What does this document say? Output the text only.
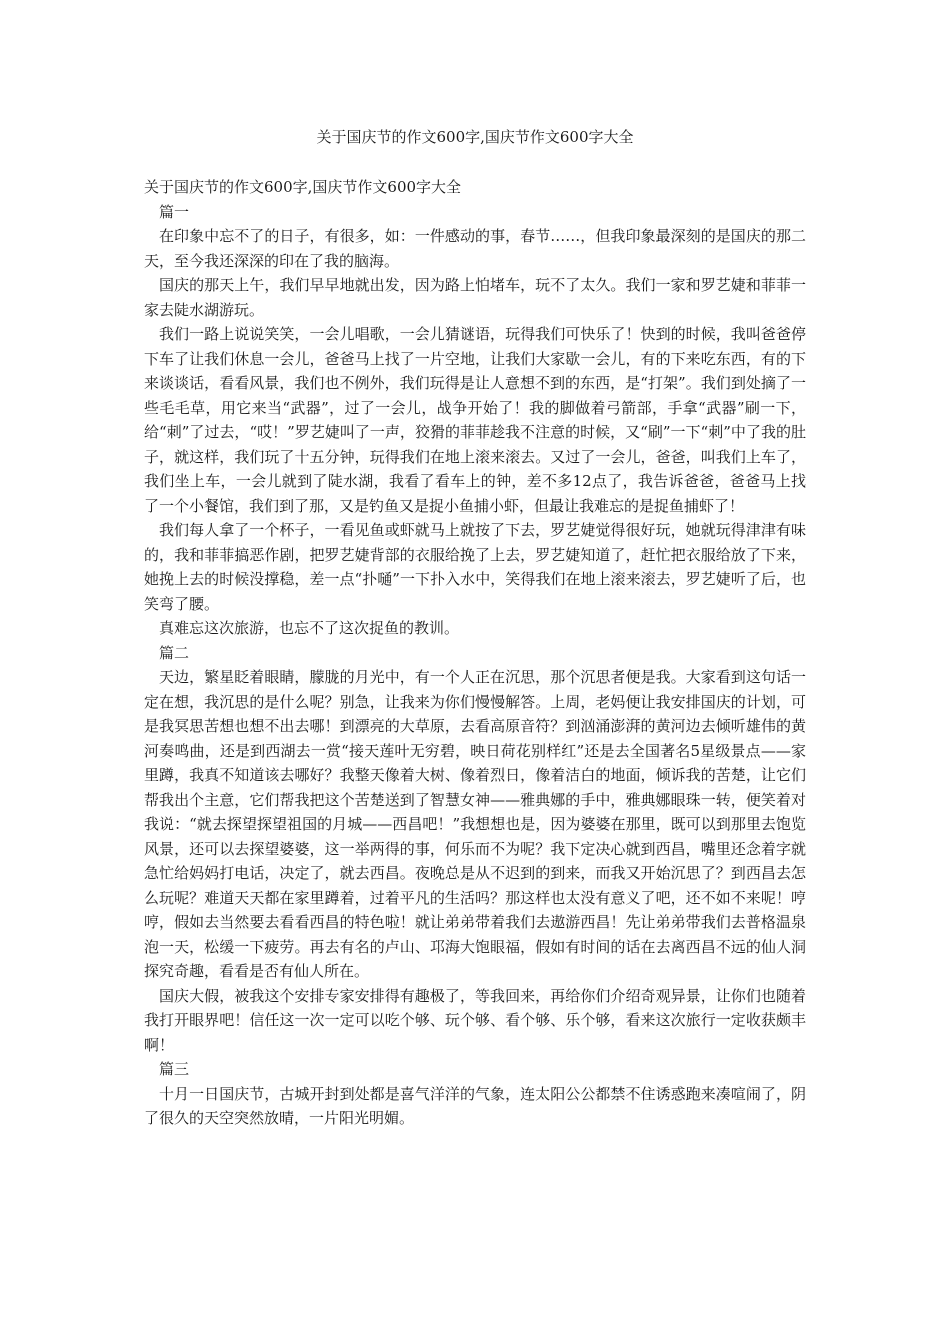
关于国庆节的作文600字,国庆节作文600字大全

关于国庆节的作文600字,国庆节作文600字大全

篇一

在印象中忘不了的日子，有很多，如：一件感动的事，春节……，但我印象最深刻的是国庆的那二天，至今我还深深的印在了我的脑海。

国庆的那天上午，我们早早地就出发，因为路上怕堵车，玩不了太久。我们一家和罗艺婕和菲菲一家去陡水湖游玩。

我们一路上说说笑笑，一会儿唱歌，一会儿猜谜语，玩得我们可快乐了！快到的时候，我叫爸爸停下车了让我们休息一会儿，爸爸马上找了一片空地，让我们大家歇一会儿，有的下来吃东西，有的下来谈谈话，看看风景，我们也不例外，我们玩得是让人意想不到的东西，是“打架”。我们到处摘了一些毛毛草，用它来当“武器”，过了一会儿，战争开始了！我的脚做着弓箭部，手拿“武器”刷一下，给“刺”了过去，“哎！”罗艺婕叫了一声，狡猾的菲菲趁我不注意的时候，又“刷”一下“刺”中了我的肚子，就这样，我们玩了十五分钟，玩得我们在地上滚来滚去。又过了一会儿，爸爸，叫我们上车了，我们坐上车，一会儿就到了陡水湖，我看了看车上的钟，差不多12点了，我告诉爸爸，爸爸马上找了一个小餐馆，我们到了那，又是钓鱼又是捉小鱼捕小虾，但最让我难忘的是捉鱼捕虾了！

我们每人拿了一个杯子，一看见鱼或虾就马上就按了下去，罗艺婕觉得很好玩，她就玩得津津有味的，我和菲菲搞恶作剧，把罗艺婕背部的衣服给挽了上去，罗艺婕知道了，赶忙把衣服给放了下来，她挽上去的时候没撑稳，差一点“扑嗵”一下扑入水中，笑得我们在地上滚来滚去，罗艺婕听了后，也笑弯了腰。

真难忘这次旅游，也忘不了这次捉鱼的教训。

篇二

天边，繁星眨着眼睛，朦胧的月光中，有一个人正在沉思，那个沉思者便是我。大家看到这句话一定在想，我沉思的是什么呢？别急，让我来为你们慢慢解答。上周，老妈便让我安排国庆的计划，可是我冥思苦想也想不出去哪！到漂亮的大草原，去看高原音符？到汹涌澎湃的黄河边去倾听雄伟的黄河奏鸣曲，还是到西湖去一赏“接天莲叶无穷碧，映日荷花别样红”还是去全国著名5星级景点——家里蹲，我真不知道该去哪好？我整天像着大树、像着烈日，像着洁白的地面，倾诉我的苦楚，让它们帮我出个主意，它们帮我把这个苦楚送到了智慧女神——雅典娜的手中，雅典娜眼珠一转，便笑着对我说：“就去探望探望祖国的月城——西昌吧！”我想想也是，因为婆婆在那里，既可以到那里去饱览风景，还可以去探望婆婆，这一举两得的事，何乐而不为呢？我下定决心就到西昌，嘴里还念着字就急忙给妈妈打电话，决定了，就去西昌。夜晚总是从不迟到的到来，而我又开始沉思了？到西昌去怎么玩呢？难道天天都在家里蹲着，过着平凡的生活吗？那这样也太没有意义了吧，还不如不来呢！哼哼，假如去当然要去看看西昌的特色啦！就让弟弟带着我们去遨游西昌！先让弟弟带我们去普格温泉泡一天，松缓一下疲劳。再去有名的卢山、邛海大饱眼福，假如有时间的话在去离西昌不远的仙人洞探究奇趣，看看是否有仙人所在。

国庆大假，被我这个安排专家安排得有趣极了，等我回来，再给你们介绍奇观异景，让你们也随着我打开眼界吧！信任这一次一定可以吃个够、玩个够、看个够、乐个够，看来这次旅行一定收获颇丰啊！

篇三

十月一日国庆节，古城开封到处都是喜气洋洋的气象，连太阳公公都禁不住诱惑跑来凑喧闹了，阴了很久的天空突然放晴，一片阳光明媚。
